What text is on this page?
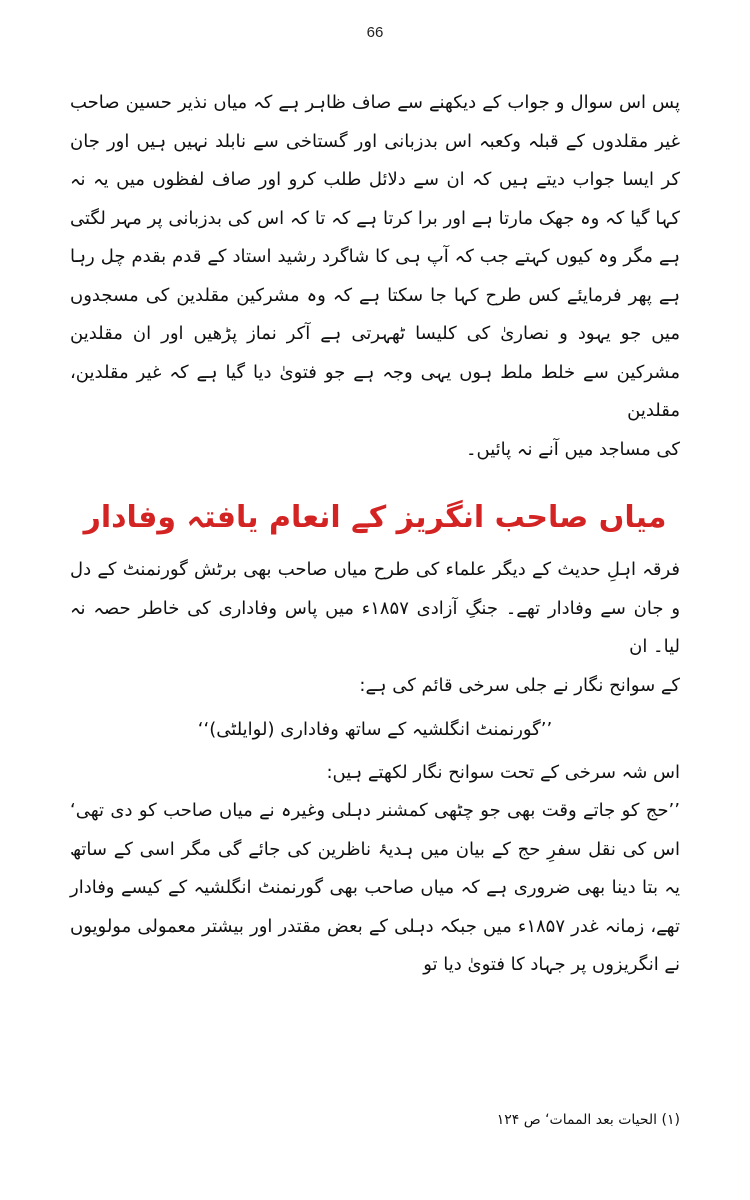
66

پس اس سوال و جواب کے دیکھنے سے صاف ظاہر ہے کہ میاں نذیر حسین صاحب غیر مقلدوں کے قبلہ وکعبہ اس بدزبانی اور گستاخی سے نابلد نہیں ہیں اور جان کر ایسا جواب دیتے ہیں کہ ان سے دلائل طلب کرو اور صاف لفظوں میں یہ نہ کہا گیا کہ وہ جھک مارتا ہے اور برا کرتا ہے کہ تا کہ اس کی بدزبانی پر مہر لگتی ہے مگر وہ کیوں کہتے جب کہ آپ ہی کا شاگرد رشید استاد کے قدم بقدم چل رہا ہے پھر فرمایئے کس طرح کہا جا سکتا ہے کہ وہ مشرکین مقلدین کی مسجدوں میں جو یہود و نصاریٰ کی کلیسا ٹھہرتی ہے آکر نماز پڑھیں اور ان مقلدین مشرکین سے خلط ملط ہوں یہی وجہ ہے جو فتویٰ دیا گیا ہے کہ غیر مقلدین، مقلدین

کی مساجد میں آنے نہ پائیں۔

میاں صاحب انگریز کے انعام یافتہ وفادار

فرقہ اہلِ حدیث کے دیگر علماء کی طرح میاں صاحب بھی برٹش گورنمنٹ کے دل و جان سے وفادار تھے۔ جنگِ آزادی ۱۸۵۷ء میں پاس وفاداری کی خاطر حصہ نہ لیا۔ ان

کے سوانح نگار نے جلی سرخی قائم کی ہے:

’’گورنمنٹ انگلشیہ کے ساتھ وفاداری (لوایلٹی)‘‘

اس شہ سرخی کے تحت سوانح نگار لکھتے ہیں:

’’حج کو جاتے وقت بھی جو چٹھی کمشنر دہلی وغیرہ نے میاں صاحب کو دی تھی‘ اس کی نقل سفرِ حج کے بیان میں ہدیۂ ناظرین کی جائے گی مگر اسی کے ساتھ یہ بتا دینا بھی ضروری ہے کہ میاں صاحب بھی گورنمنٹ انگلشیہ کے کیسے وفادار تھے، زمانہ غدر ۱۸۵۷ء میں جبکہ دہلی کے بعض مقتدر اور بیشتر معمولی مولویوں نے انگریزوں پر جہاد کا فتویٰ دیا تو

(۱) الحیات بعد الممات‘ ص ۱۲۴
